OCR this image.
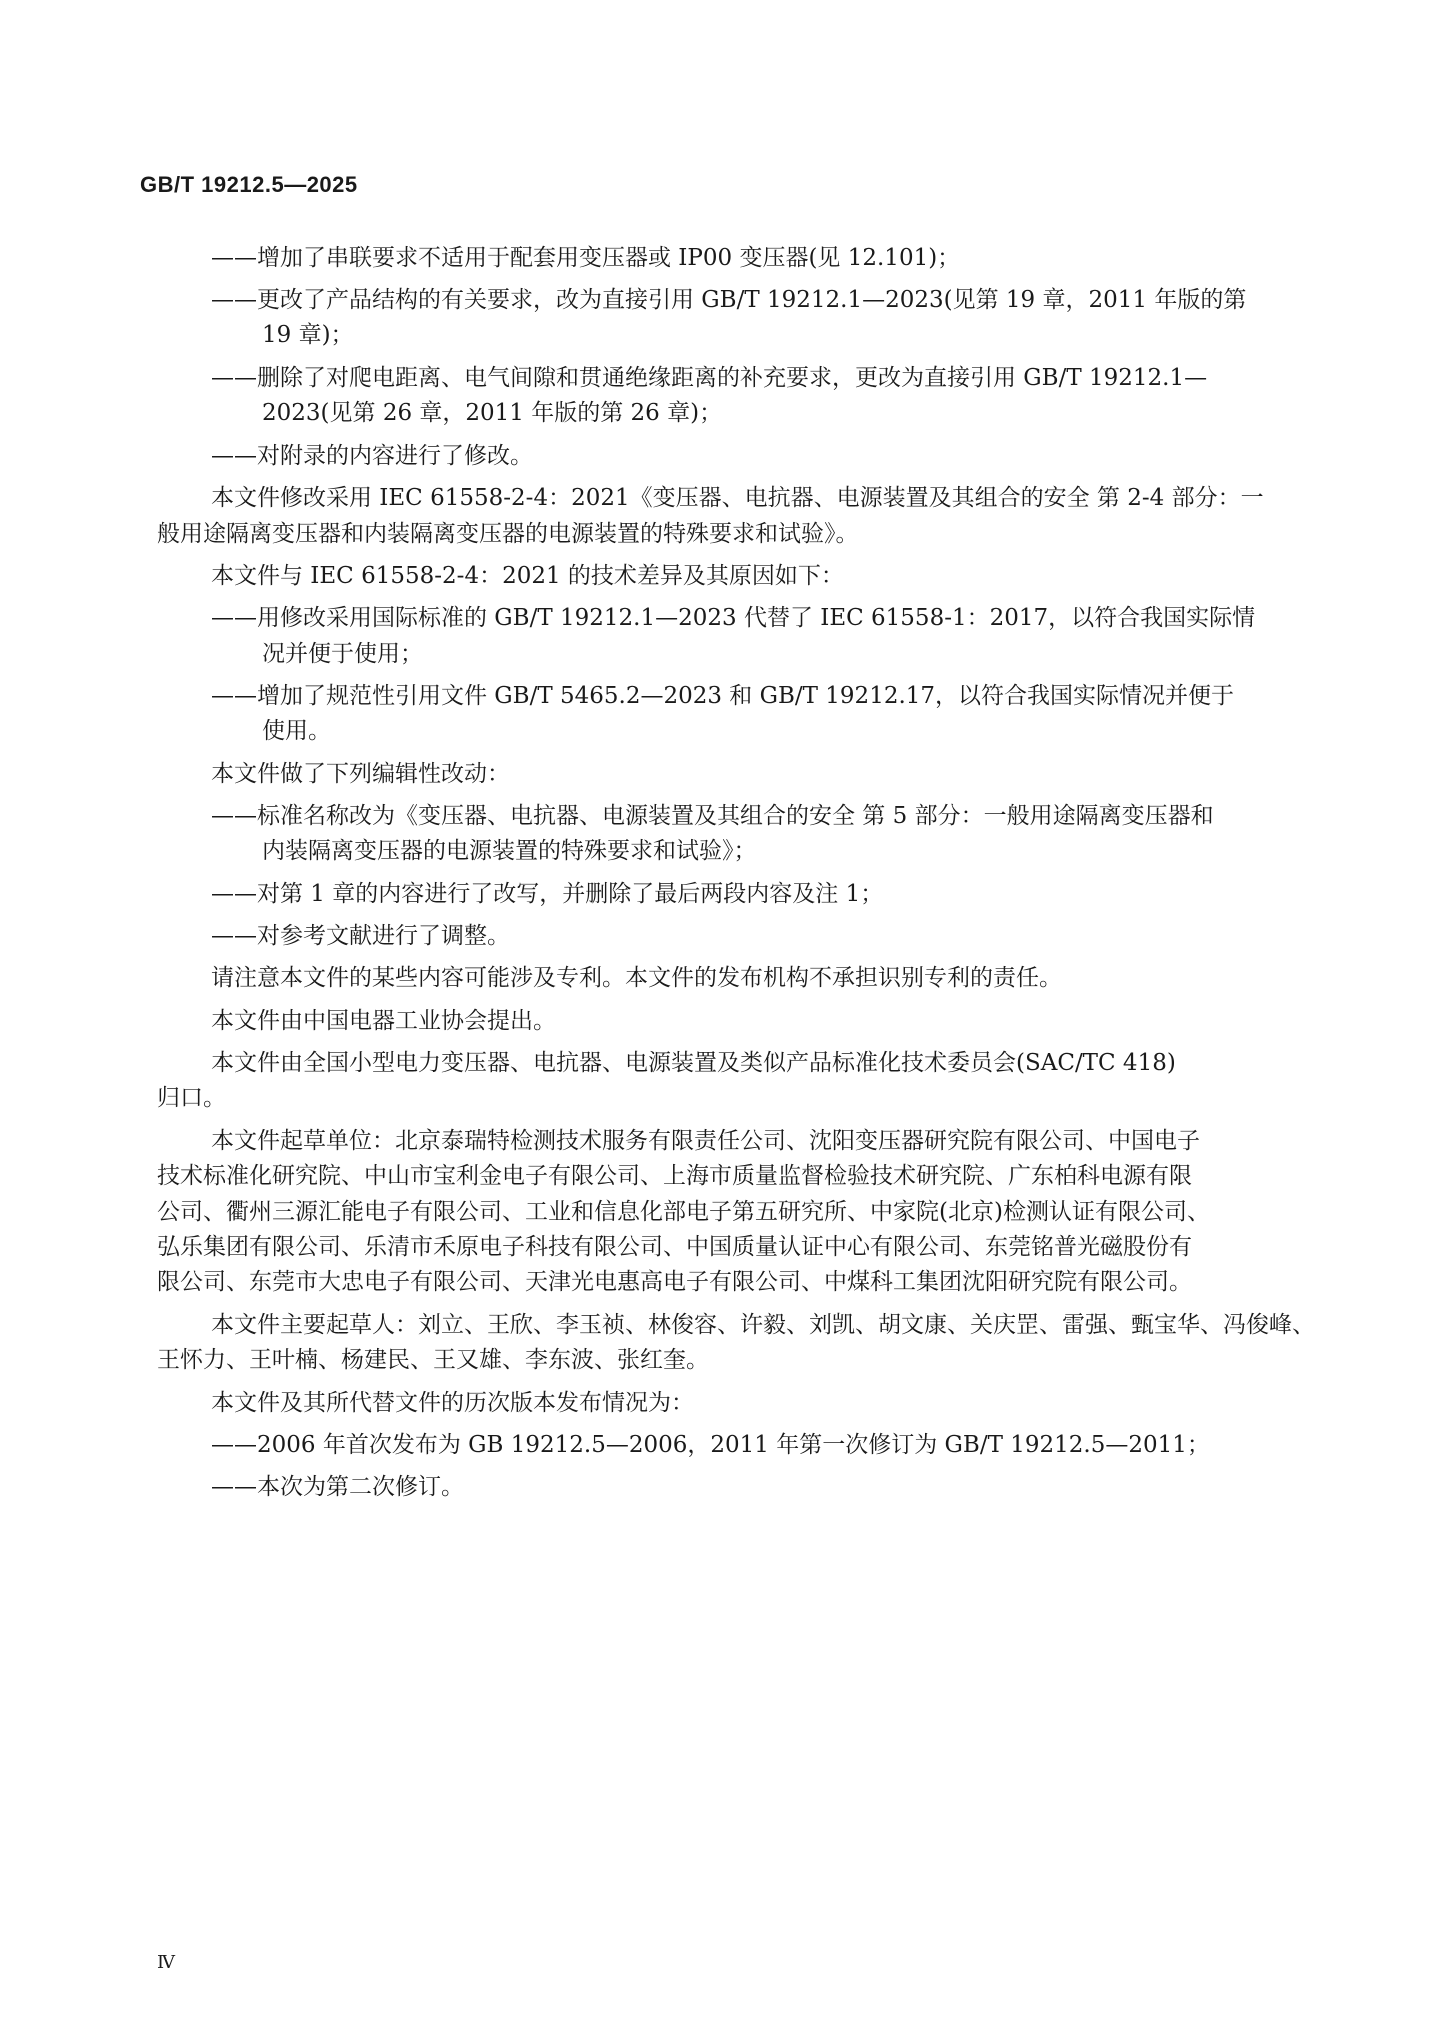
GB/T 19212.5—2025
——增加了串联要求不适用于配套用变压器或 IP00 变压器(见 12.101)；
——更改了产品结构的有关要求，改为直接引用 GB/T 19212.1—2023(见第 19 章，2011 年版的第
19 章)；
——删除了对爬电距离、电气间隙和贯通绝缘距离的补充要求，更改为直接引用 GB/T 19212.1—
2023(见第 26 章，2011 年版的第 26 章)；
——对附录的内容进行了修改。
本文件修改采用 IEC 61558-2-4：2021《变压器、电抗器、电源装置及其组合的安全 第 2-4 部分：一
般用途隔离变压器和内装隔离变压器的电源装置的特殊要求和试验》。
本文件与 IEC 61558-2-4：2021 的技术差异及其原因如下：
——用修改采用国际标准的 GB/T 19212.1—2023 代替了 IEC 61558-1：2017，以符合我国实际情
况并便于使用；
——增加了规范性引用文件 GB/T 5465.2—2023 和 GB/T 19212.17，以符合我国实际情况并便于
使用。
本文件做了下列编辑性改动：
——标准名称改为《变压器、电抗器、电源装置及其组合的安全 第 5 部分：一般用途隔离变压器和
内装隔离变压器的电源装置的特殊要求和试验》；
——对第 1 章的内容进行了改写，并删除了最后两段内容及注 1；
——对参考文献进行了调整。
请注意本文件的某些内容可能涉及专利。本文件的发布机构不承担识别专利的责任。
本文件由中国电器工业协会提出。
本文件由全国小型电力变压器、电抗器、电源装置及类似产品标准化技术委员会(SAC/TC 418)
归口。
本文件起草单位：北京泰瑞特检测技术服务有限责任公司、沈阳变压器研究院有限公司、中国电子
技术标准化研究院、中山市宝利金电子有限公司、上海市质量监督检验技术研究院、广东柏科电源有限
公司、衢州三源汇能电子有限公司、工业和信息化部电子第五研究所、中家院(北京)检测认证有限公司、
弘乐集团有限公司、乐清市禾原电子科技有限公司、中国质量认证中心有限公司、东莞铭普光磁股份有
限公司、东莞市大忠电子有限公司、天津光电惠高电子有限公司、中煤科工集团沈阳研究院有限公司。
本文件主要起草人：刘立、王欣、李玉祯、林俊容、许毅、刘凯、胡文康、关庆罡、雷强、甄宝华、冯俊峰、
王怀力、王叶楠、杨建民、王又雄、李东波、张红奎。
本文件及其所代替文件的历次版本发布情况为：
——2006 年首次发布为 GB 19212.5—2006，2011 年第一次修订为 GB/T 19212.5—2011；
——本次为第二次修订。
Ⅳ
